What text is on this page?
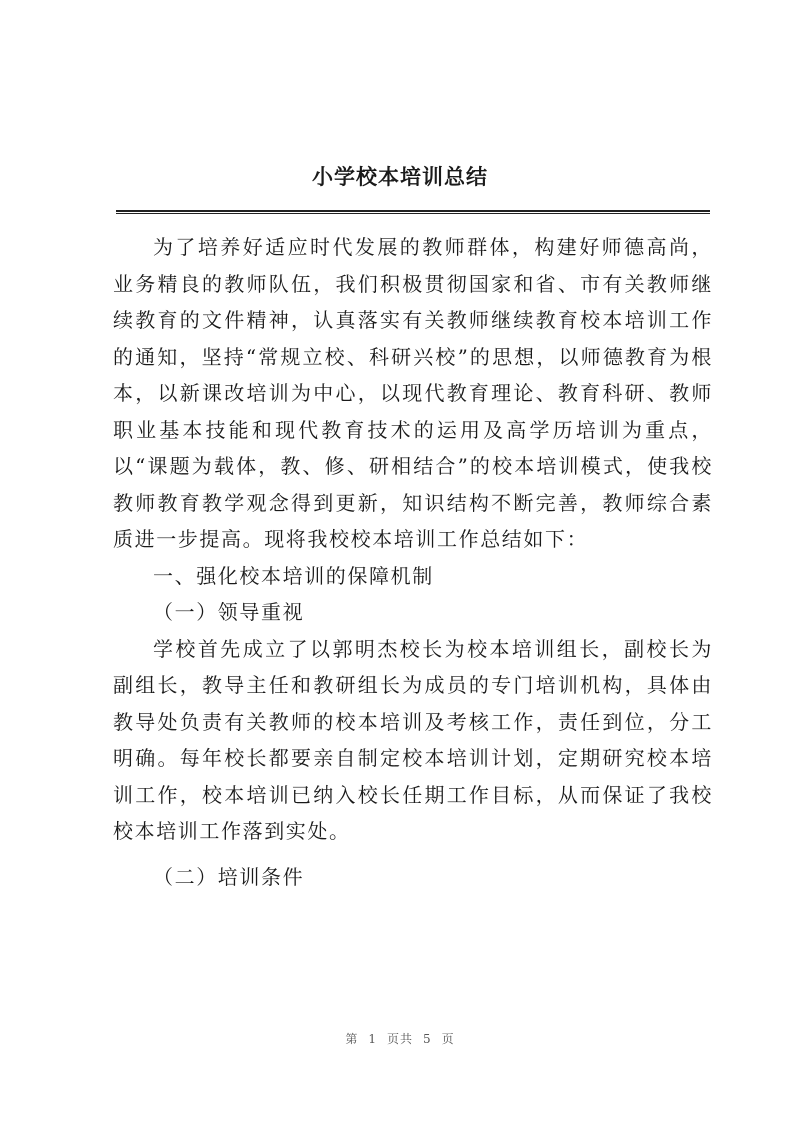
小学校本培训总结

为了培养好适应时代发展的教师群体，构建好师德高尚，业务精良的教师队伍，我们积极贯彻国家和省、市有关教师继续教育的文件精神，认真落实有关教师继续教育校本培训工作的通知，坚持“常规立校、科研兴校”的思想，以师德教育为根本，以新课改培训为中心，以现代教育理论、教育科研、教师职业基本技能和现代教育技术的运用及高学历培训为重点，以“课题为载体，教、修、研相结合”的校本培训模式，使我校教师教育教学观念得到更新，知识结构不断完善，教师综合素质进一步提高。现将我校校本培训工作总结如下：

一、强化校本培训的保障机制

（一）领导重视

学校首先成立了以郭明杰校长为校本培训组长，副校长为副组长，教导主任和教研组长为成员的专门培训机构，具体由教导处负责有关教师的校本培训及考核工作，责任到位，分工明确。每年校长都要亲自制定校本培训计划，定期研究校本培训工作，校本培训已纳入校长任期工作目标，从而保证了我校校本培训工作落到实处。

（二）培训条件

第 1 页共 5 页
